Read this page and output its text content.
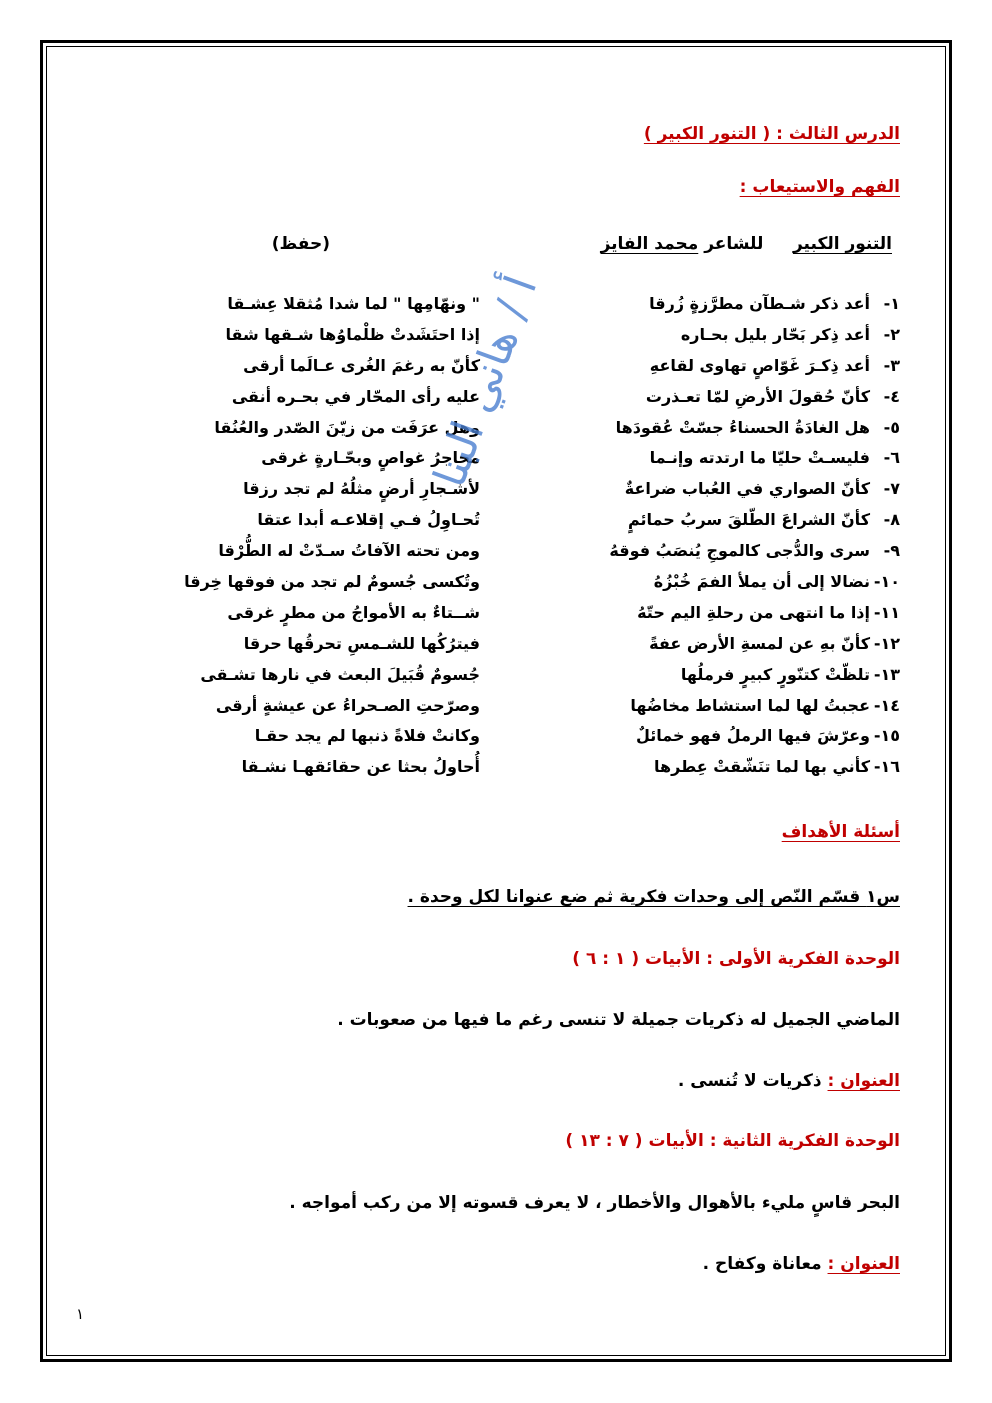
الدرس الثالث : ( التنور الكبير )
الفهم والاستيعاب :
التنور الكبير     للشاعر محمد الفايز
(حفظ)
١-
أعد ذكر شـطآن مطرَّزةٍ زُرقا
" ونهّامِها " لما شدا مُثقلا عِشـقا
٢-
أعد ذِكر بَحّار بليل بحـاره
إذا احتَشَدتْ ظلْماوُها شـقها شقا
٣-
أعد ذِكـرَ غَوّاصٍ تهاوى لقاعهِ
كأنّ به رغمَ الغُرى عـالَما أرقى
٤-
كأنّ حُقولَ الأرضِ لمّا تعـذرت
عليه رأى المحّار في بحـره أنقى
٥-
هل الغادَةُ الحسناءُ جسّتْ عُقودَها
وهل عرَفَت من زيّنَ الصّدر والعُنُقا
٦-
فليسـتْ حليّا ما ارتدته وإنـما
محاجرُ غواصٍ وبحّـارةٍ غرقى
٧-
كأنّ الصواري في العُباب ضراعةٌ
لأشـجارِ أرضٍ مثلُهُ لم تجد رزقا
٨-
كأنّ الشراعَ الطّلقَ سربُ حمائمٍ
تُحـاوِلُ فـي إقلاعـه أبدا عتقا
٩-
سرى والدُّجى كالموجِ يُنصَبُ فوقهُ
ومن تحته الآفاتُ سـدّتْ له الطُّرْقا
١٠-
نضالا إلى أن يملأ الفمَ خُبْزُهُ
وتُكسى جُسومٌ لم تجد من فوقها خِرقا
١١-
إذا ما انتهى من رحلةِ اليم حتّهُ
شــتاءٌ به الأمواجُ من مطرٍ غرقى
١٢-
كأنّ بهِ عن لمسةِ الأرض عفةً
فيترُكُها للشـمسِ تحرقُها حرقا
١٣-
تلظّتْ كتنّورٍ كبيرٍ فرملُها
جُسومٌ قُبَيلَ البعث في نارها تشـقى
١٤-
عجبتُ لها لما استشاط مخاضُها
وصرّحتِ الصـحراءُ عن عيشةٍ أرقى
١٥-
وعرّشَ فيها الرملُ فهو خمائلٌ
وكانتْ فلاةً ذنبها لم يجد حقـا
١٦-
كأني بها لما تنَشّقتْ عِطرها
أُحاولُ بحثا عن حقائقهـا نشـقا
أسئلة الأهداف
س١ قسّم النّص إلى وحدات فكرية ثم ضع عنوانا لكل وحدة .
الوحدة الفكرية الأولى : الأبيات ( ١ : ٦ )
الماضي الجميل له ذكريات جميلة لا تنسى رغم ما فيها من صعوبات .
العنوان : ذكريات لا تُنسى .
الوحدة الفكرية الثانية : الأبيات ( ٧ : ١٣ )
البحر قاسٍ مليء بالأهوال والأخطار ، لا يعرف قسوته إلا من ركب أمواجه .
العنوان : معاناة وكفاح .
أ / هاني البنا
١
